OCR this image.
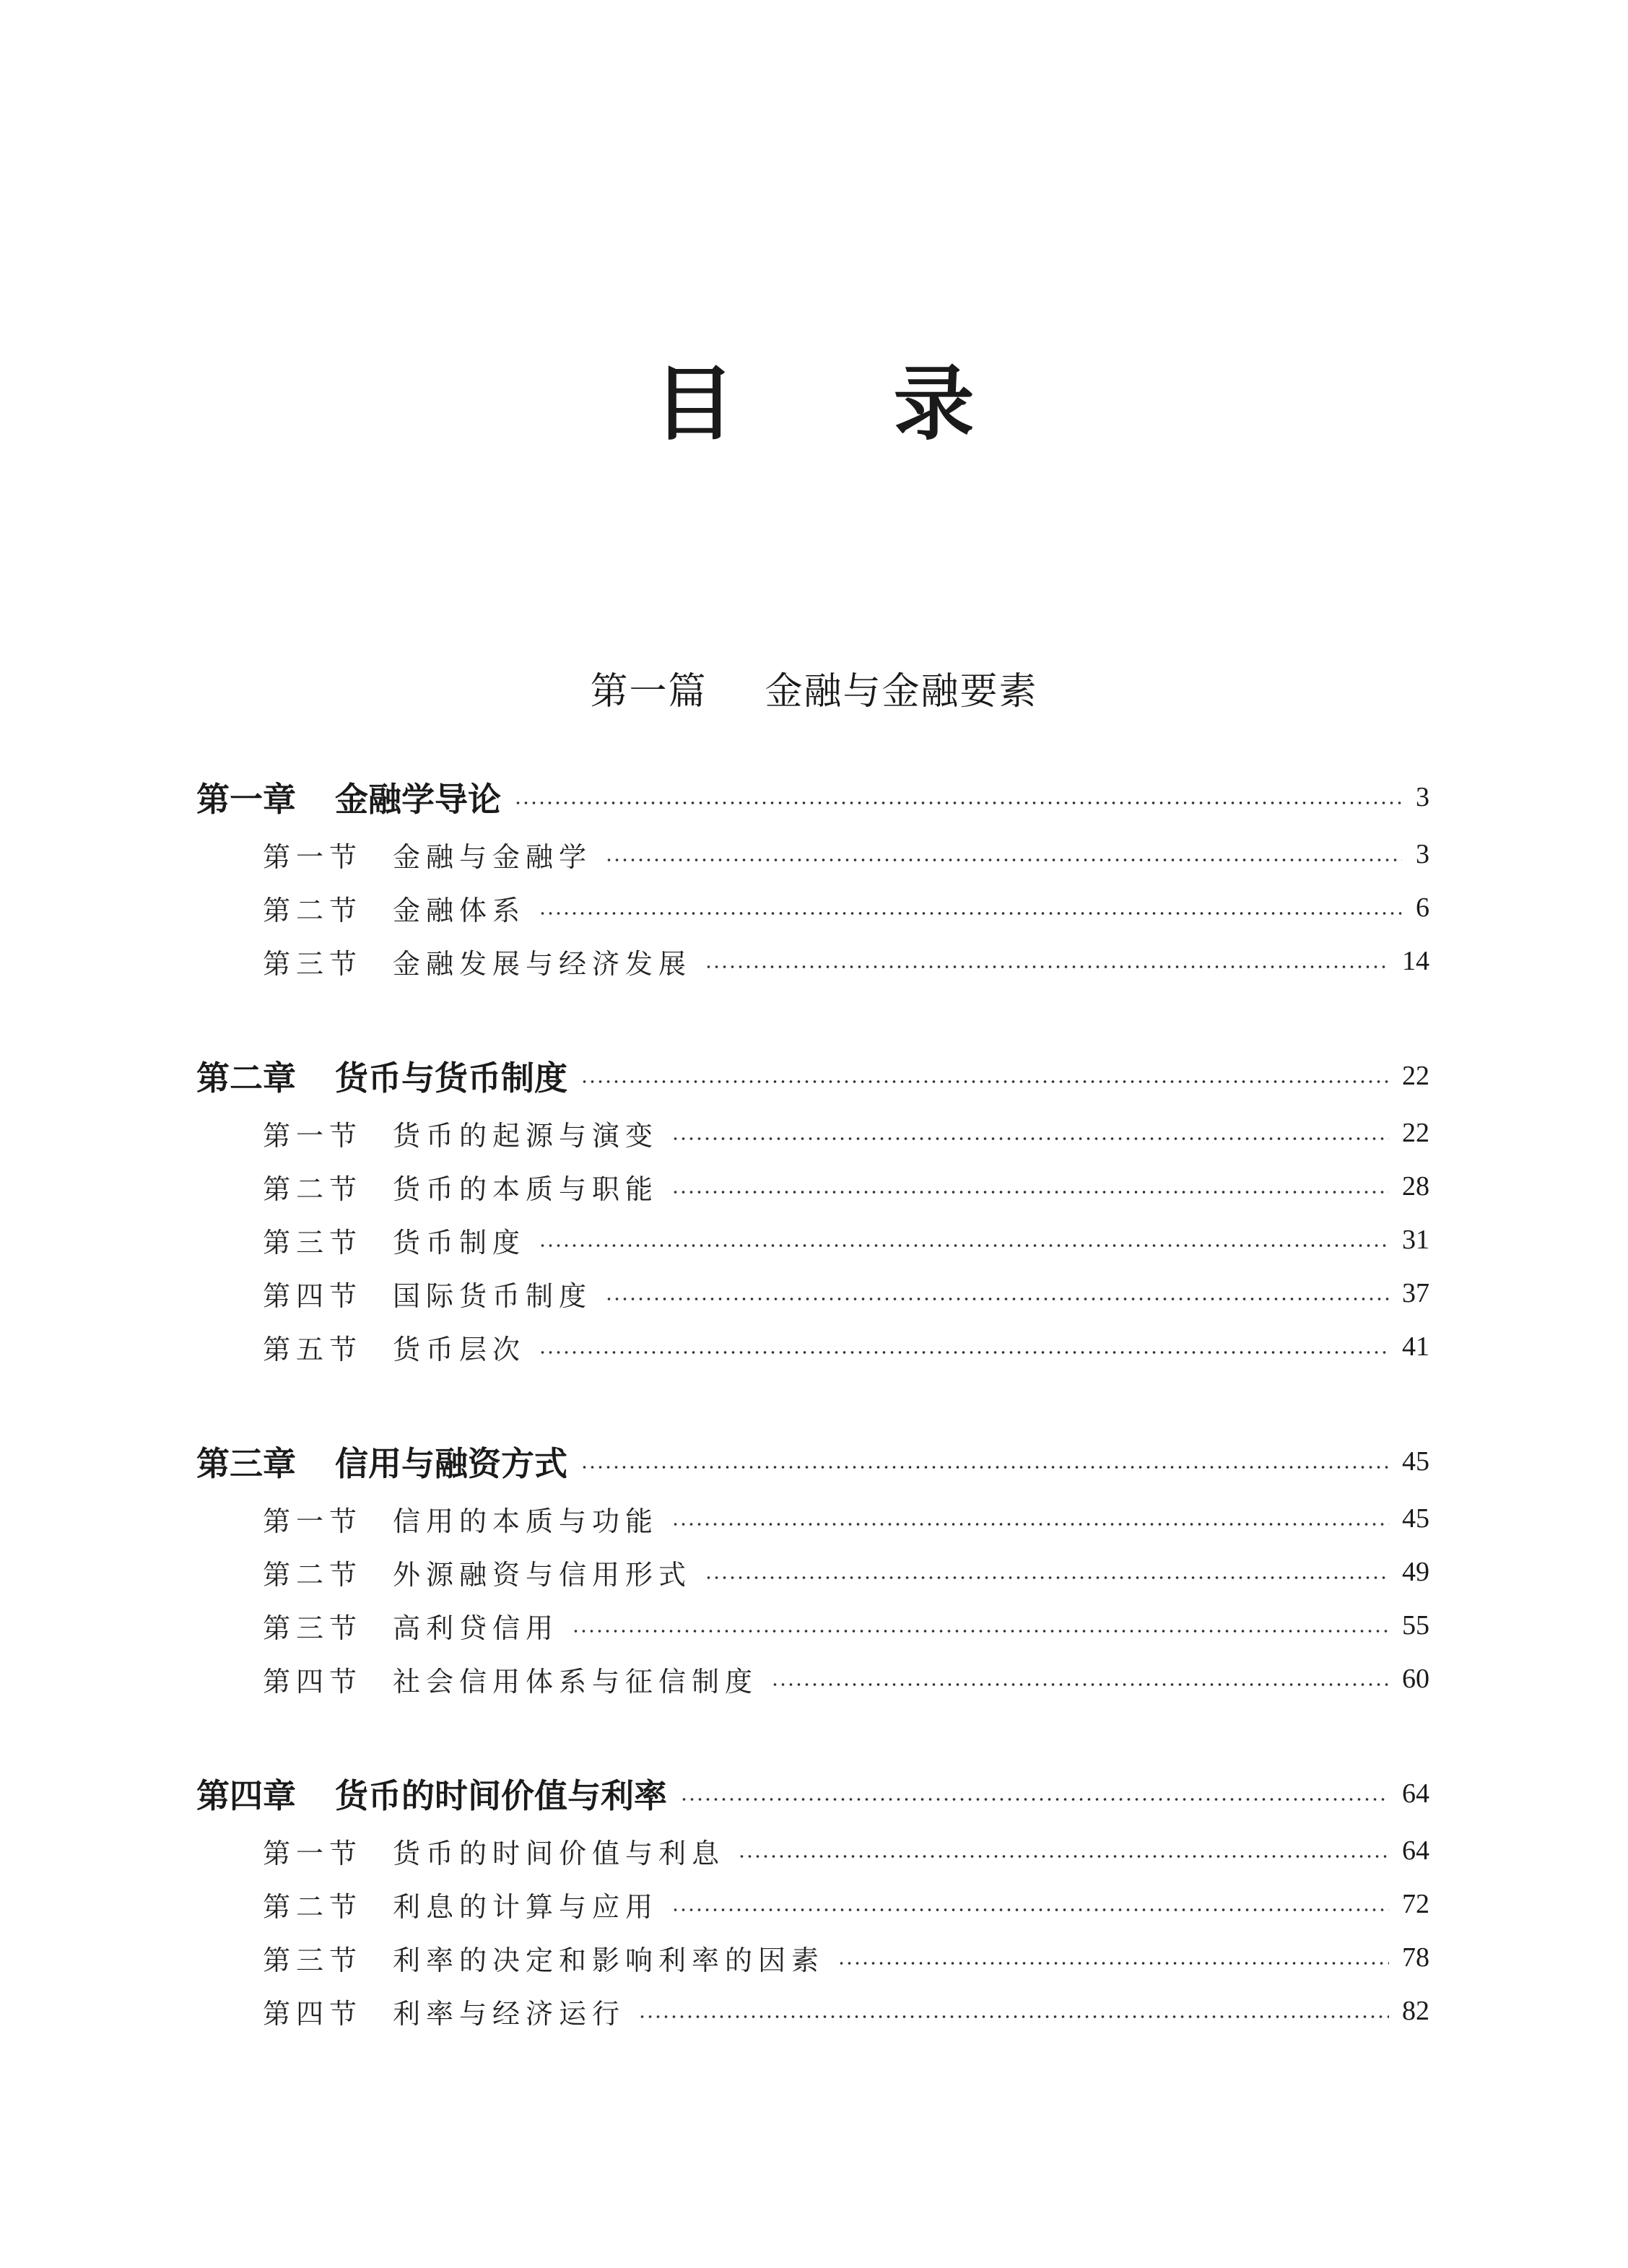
目录
第一篇 金融与金融要素
第一章 金融学导论	3
第一节 金融与金融学	3
第二节 金融体系	6
第三节 金融发展与经济发展	14
第二章 货币与货币制度	22
第一节 货币的起源与演变	22
第二节 货币的本质与职能	28
第三节 货币制度	31
第四节 国际货币制度	37
第五节 货币层次	41
第三章 信用与融资方式	45
第一节 信用的本质与功能	45
第二节 外源融资与信用形式	49
第三节 高利贷信用	55
第四节 社会信用体系与征信制度	60
第四章 货币的时间价值与利率	64
第一节 货币的时间价值与利息	64
第二节 利息的计算与应用	72
第三节 利率的决定和影响利率的因素	78
第四节 利率与经济运行	82
